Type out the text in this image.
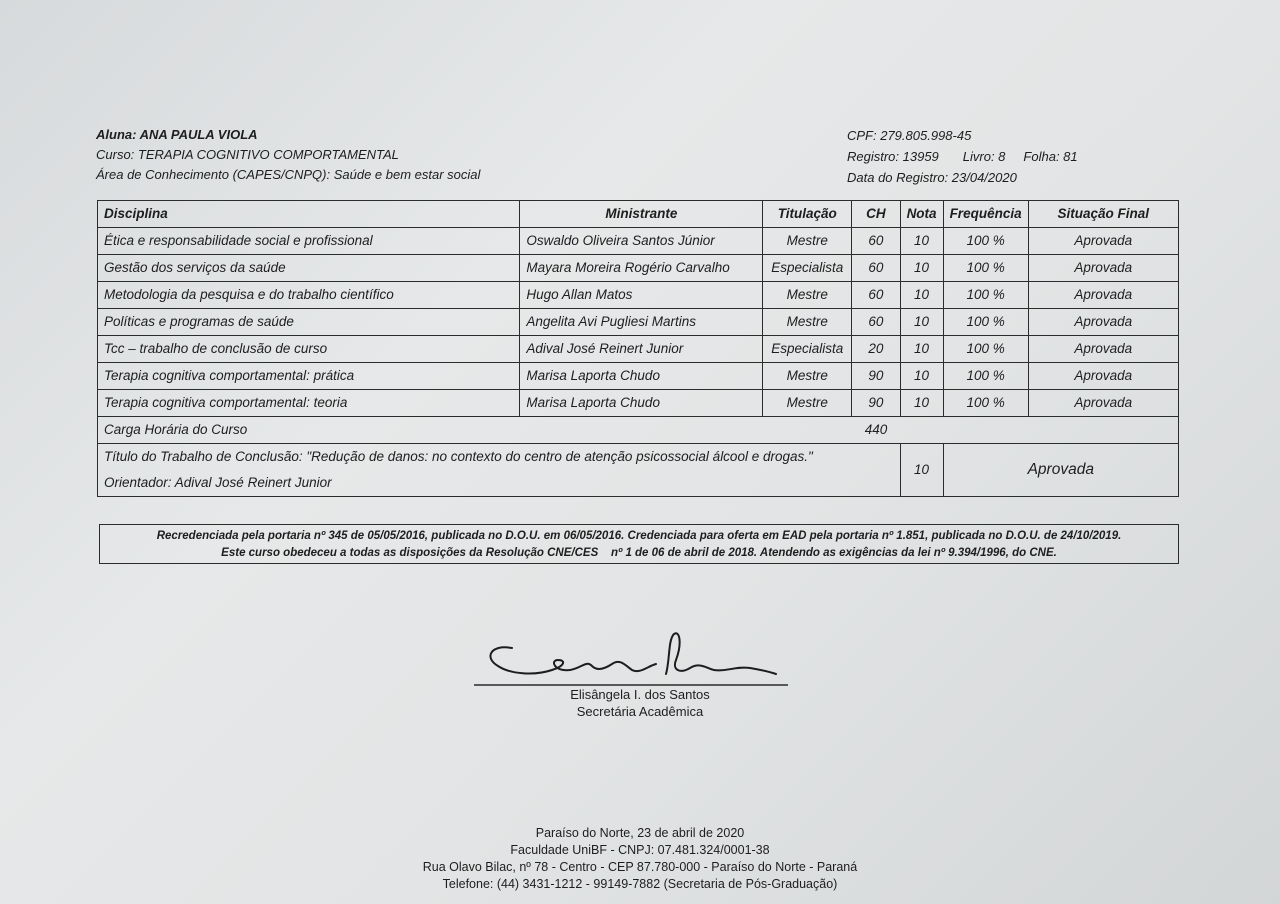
Aluna: ANA PAULA VIOLA
Curso: TERAPIA COGNITIVO COMPORTAMENTAL
Área de Conhecimento (CAPES/CNPQ): Saúde e bem estar social
CPF: 279.805.998-45
Registro: 13959 Livro: 8 Folha: 81
Data do Registro: 23/04/2020
Disciplina	Ministrante	Titulação	CH	Nota	Frequência	Situação Final
Ética e responsabilidade social e profissional	Oswaldo Oliveira Santos Júnior	Mestre	60	10	100 %	Aprovada
Gestão dos serviços da saúde	Mayara Moreira Rogério Carvalho	Especialista	60	10	100 %	Aprovada
Metodologia da pesquisa e do trabalho científico	Hugo Allan Matos	Mestre	60	10	100 %	Aprovada
Políticas e programas de saúde	Angelita Avi Pugliesi Martins	Mestre	60	10	100 %	Aprovada
Tcc – trabalho de conclusão de curso	Adival José Reinert Junior	Especialista	20	10	100 %	Aprovada
Terapia cognitiva comportamental: prática	Marisa Laporta Chudo	Mestre	90	10	100 %	Aprovada
Terapia cognitiva comportamental: teoria	Marisa Laporta Chudo	Mestre	90	10	100 %	Aprovada
Carga Horária do Curso			440			

Título do Trabalho de Conclusão: "Redução de danos: no contexto do centro de atenção psicossocial álcool e drogas."
Orientador: Adival José Reinert Junior				10	Aprovada	
Recredenciada pela portaria nº 345 de 05/05/2016, publicada no D.O.U. em 06/05/2016. Credenciada para oferta em EAD pela portaria nº 1.851, publicada no D.O.U. de 24/10/2019.
Este curso obedeceu a todas as disposições da Resolução CNE/CES    nº 1 de 06 de abril de 2018. Atendendo as exigências da lei nº 9.394/1996, do CNE.
Elisângela I. dos Santos
Secretária Acadêmica
Paraíso do Norte, 23 de abril de 2020
Faculdade UniBF - CNPJ: 07.481.324/0001-38
Rua Olavo Bilac, nº 78 - Centro - CEP 87.780-000 - Paraíso do Norte - Paraná
Telefone: (44) 3431-1212 - 99149-7882 (Secretaria de Pós-Graduação)
